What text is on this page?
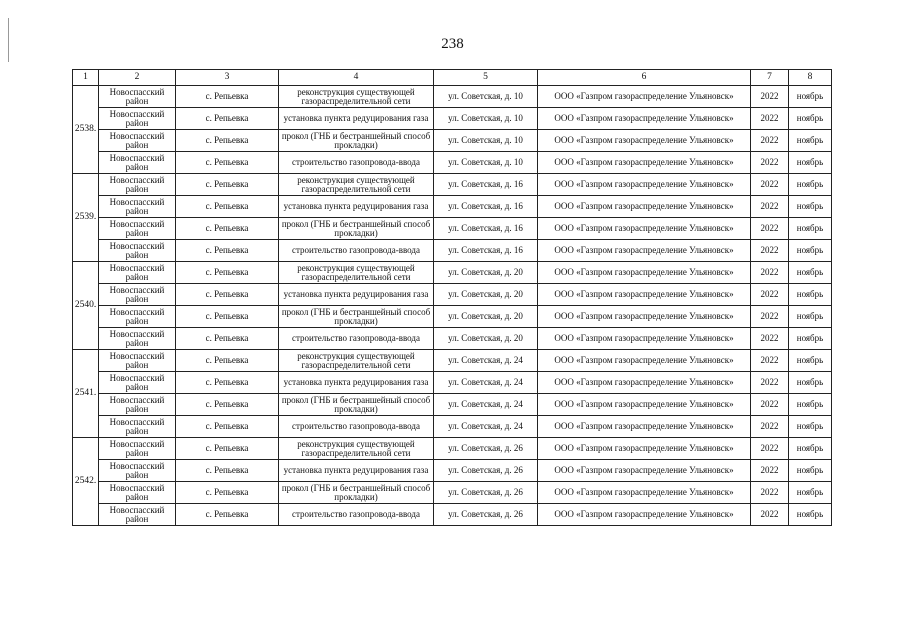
238
1	2	3	4	5	6	7	8
2538.	Новоспасский район	с. Репьевка	реконструкция существующей газораспределительной сети	ул. Советская, д. 10	ООО «Газпром газораспределение Ульяновск»	2022	ноябрь
	Новоспасский район	с. Репьевка	установка пункта редуцирования газа	ул. Советская, д. 10	ООО «Газпром газораспределение Ульяновск»	2022	ноябрь
	Новоспасский район	с. Репьевка	прокол (ГНБ и бестраншейный способ прокладки)	ул. Советская, д. 10	ООО «Газпром газораспределение Ульяновск»	2022	ноябрь
	Новоспасский район	с. Репьевка	строительство газопровода-ввода	ул. Советская, д. 10	ООО «Газпром газораспределение Ульяновск»	2022	ноябрь
2539.	Новоспасский район	с. Репьевка	реконструкция существующей газораспределительной сети	ул. Советская, д. 16	ООО «Газпром газораспределение Ульяновск»	2022	ноябрь
	Новоспасский район	с. Репьевка	установка пункта редуцирования газа	ул. Советская, д. 16	ООО «Газпром газораспределение Ульяновск»	2022	ноябрь
	Новоспасский район	с. Репьевка	прокол (ГНБ и бестраншейный способ прокладки)	ул. Советская, д. 16	ООО «Газпром газораспределение Ульяновск»	2022	ноябрь
	Новоспасский район	с. Репьевка	строительство газопровода-ввода	ул. Советская, д. 16	ООО «Газпром газораспределение Ульяновск»	2022	ноябрь
2540.	Новоспасский район	с. Репьевка	реконструкция существующей газораспределительной сети	ул. Советская, д. 20	ООО «Газпром газораспределение Ульяновск»	2022	ноябрь
	Новоспасский район	с. Репьевка	установка пункта редуцирования газа	ул. Советская, д. 20	ООО «Газпром газораспределение Ульяновск»	2022	ноябрь
	Новоспасский район	с. Репьевка	прокол (ГНБ и бестраншейный способ прокладки)	ул. Советская, д. 20	ООО «Газпром газораспределение Ульяновск»	2022	ноябрь
	Новоспасский район	с. Репьевка	строительство газопровода-ввода	ул. Советская, д. 20	ООО «Газпром газораспределение Ульяновск»	2022	ноябрь
2541.	Новоспасский район	с. Репьевка	реконструкция существующей газораспределительной сети	ул. Советская, д. 24	ООО «Газпром газораспределение Ульяновск»	2022	ноябрь
	Новоспасский район	с. Репьевка	установка пункта редуцирования газа	ул. Советская, д. 24	ООО «Газпром газораспределение Ульяновск»	2022	ноябрь
	Новоспасский район	с. Репьевка	прокол (ГНБ и бестраншейный способ прокладки)	ул. Советская, д. 24	ООО «Газпром газораспределение Ульяновск»	2022	ноябрь
	Новоспасский район	с. Репьевка	строительство газопровода-ввода	ул. Советская, д. 24	ООО «Газпром газораспределение Ульяновск»	2022	ноябрь
2542.	Новоспасский район	с. Репьевка	реконструкция существующей газораспределительной сети	ул. Советская, д. 26	ООО «Газпром газораспределение Ульяновск»	2022	ноябрь
	Новоспасский район	с. Репьевка	установка пункта редуцирования газа	ул. Советская, д. 26	ООО «Газпром газораспределение Ульяновск»	2022	ноябрь
	Новоспасский район	с. Репьевка	прокол (ГНБ и бестраншейный способ прокладки)	ул. Советская, д. 26	ООО «Газпром газораспределение Ульяновск»	2022	ноябрь
	Новоспасский район	с. Репьевка	строительство газопровода-ввода	ул. Советская, д. 26	ООО «Газпром газораспределение Ульяновск»	2022	ноябрь
